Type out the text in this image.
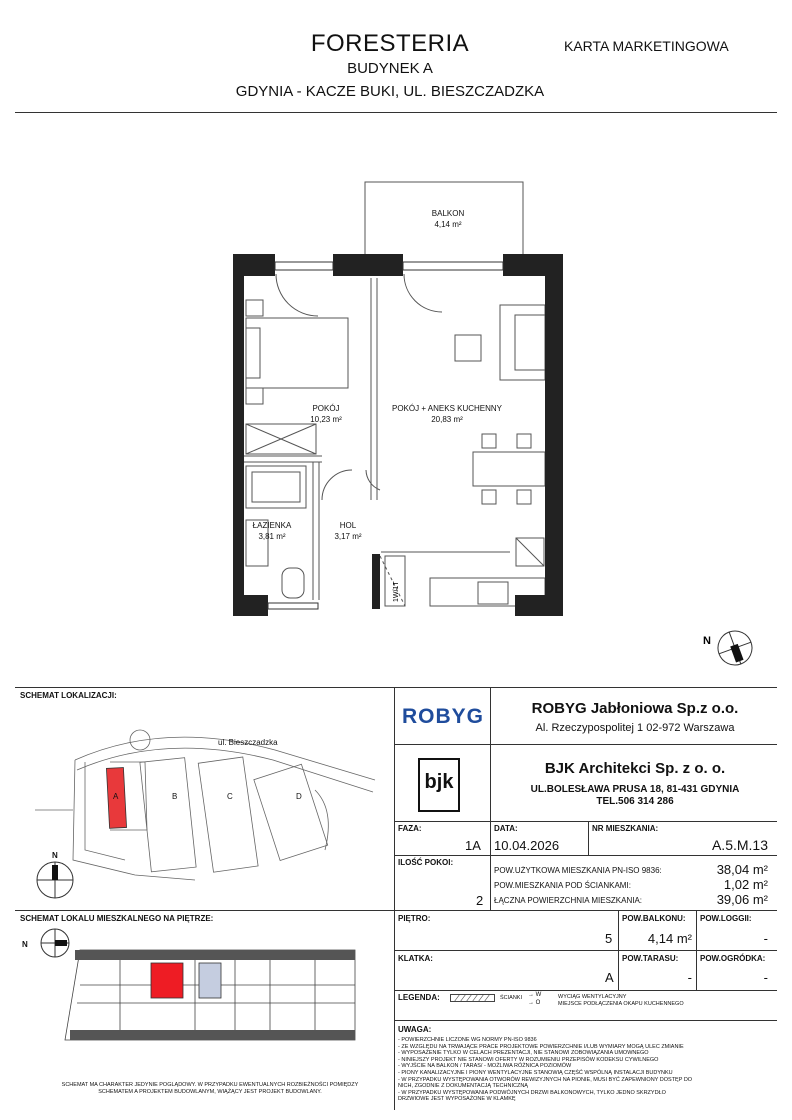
FORESTERIA
BUDYNEK A
GDYNIA - KACZE BUKI, UL. BIESZCZADZKA
KARTA MARKETINGOWA
1W/1T
N
BALKON
4,14 m²
POKÓJ
10,23 m²
POKÓJ + ANEKS KUCHENNY
20,83 m²
ŁAZIENKA
3,81 m²
HOL
3,17 m²
SCHEMAT LOKALIZACJI:
ul. Bieszczadzka
A	B	C	D
N
SCHEMAT LOKALU MIESZKALNEGO NA PIĘTRZE:
N
SCHEMAT MA CHARAKTER JEDYNIE POGLĄDOWY. W PRZYPADKU EWENTUALNYCH ROZBIEŻNOŚCI POMIĘDZY SCHEMATEM A PROJEKTEM BUDOWLANYM, WIĄŻĄCY JEST PROJEKT BUDOWLANY.
ROBYG	ROBYG Jabłoniowa Sp.z o.o.
Al. Rzeczypospolitej 1 02-972 Warszawa
bjk
BJK Architekci Sp. z o. o.
UL.BOLESŁAWA PRUSA 18, 81-431 GDYNIA
TEL.506 314 286
FAZA:
1A
DATA:
10.04.2026
NR MIESZKANIA:
A.5.M.13
ILOŚĆ POKOI:
2
POW.UŻYTKOWA MIESZKANIA PN-ISO 9836:	38,04 m²
POW.MIESZKANIA POD ŚCIANKAMI:	1,02 m²
ŁĄCZNA POWIERZCHNIA MIESZKANIA:	39,06 m²
PIĘTRO:
5
POW.BALKONU:
4,14 m²
POW.LOGGII:
-
KLATKA:
A
POW.TARASU:
-
POW.OGRÓDKA:
-
LEGENDA:	ŚCIANKI → W	WYCIĄG WENTYLACYJNY
→ O	MIEJSCE PODŁĄCZENIA OKAPU KUCHENNEGO
UWAGA:
- POWIERZCHNIE LICZONE WG NORMY PN-ISO 9836
- ZE WZGLĘDU NA TRWAJĄCE PRACE PROJEKTOWE POWIERZCHNIE I/LUB WYMIARY MOGĄ ULEC ZMIANIE
- WYPOSAŻENIE TYLKO W CELACH PREZENTACJI, NIE STANOWI ZOBOWIĄZANIA UMOWNEGO
- NINIEJSZY PROJEKT NIE STANOWI OFERTY W ROZUMIENIU PRZEPISÓW KODEKSU CYWILNEGO
- WYJŚCIE NA BALKON / TARAS/ - MOŻLIWA RÓŻNICA POZIOMÓW
- PIONY KANALIZACYJNE I PIONY WENTYLACYJNE STANOWIĄ CZĘŚĆ WSPÓLNĄ INSTALACJI BUDYNKU
- W PRZYPADKU WYSTĘPOWANIA OTWORÓW REWIZYJNYCH NA PIONIE, MUSI BYĆ ZAPEWNIONY DOSTĘP DO NICH, ZGODNIE Z DOKUMENTACJĄ TECHNICZNĄ
- W PRZYPADKU WYSTĘPOWANIA PODWÓJNYCH DRZWI BALKONOWYCH, TYLKO JEDNO SKRZYDŁO DRZWIOWE JEST WYPOSAŻONE W KLAMKĘ
